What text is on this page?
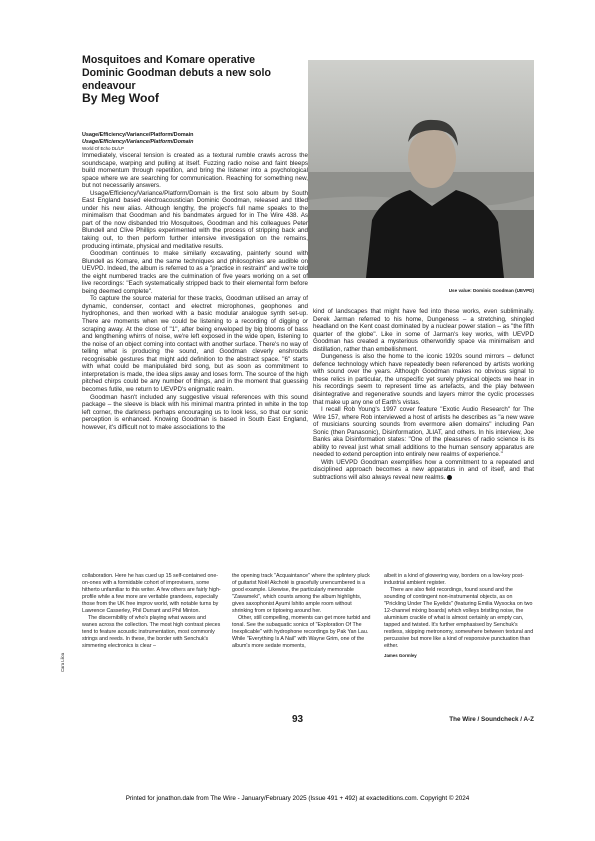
Mosquitoes and Komare operative Dominic Goodman debuts a new solo endeavour
By Meg Woof
Use value: Dominic Goodman (UEVPD)
Usage/Efficiency/Variance/Platform/Domain
Usage/Efficiency/Variance/Platform/Domain
World Of Echo DL/LP

Immediately, visceral tension is created as a textural rumble crawls across the soundscape, warping and pulling at itself. Fuzzing radio noise and faint bleeps build momentum through repetition, and bring the listener into a psychological space where we are searching for communication. Reaching for something new, but not necessarily answers.

Usage/Efficiency/Variance/Platform/Domain is the first solo album by South East England based electroacoustician Dominic Goodman, released and titled under his new alias. Although lengthy, the project's full name speaks to the minimalism that Goodman and his bandmates argued for in The Wire 438. As part of the now disbanded trio Mosquitoes, Goodman and his colleagues Peter Blundell and Clive Phillips experimented with the process of stripping back and taking out, to then perform further intensive investigation on the remains, producing intimate, physical and meditative results.

Goodman continues to make similarly excavating, painterly sound with Blundell as Komare, and the same techniques and philosophies are audible on UEVPD. Indeed, the album is referred to as a "practice in restraint" and we're told the eight numbered tracks are the culmination of five years working on a set of live recordings: "Each systematically stripped back to their elemental form before being deemed complete".

To capture the source material for these tracks, Goodman utilised an array of dynamic, condenser, contact and electret microphones, geophones and hydrophones, and then worked with a basic modular analogue synth set-up. There are moments when we could be listening to a recording of digging or scraping away. At the close of "1", after being enveloped by big blooms of bass and lengthening whirrs of noise, we're left exposed in the wide open, listening to the noise of an object coming into contact with another surface. There's no way of telling what is producing the sound, and Goodman cleverly enshrouds recognisable gestures that might add definition to the abstract space. "6" starts with what could be manipulated bird song, but as soon as commitment to interpretation is made, the idea slips away and loses form. The source of the high pitched chirps could be any number of things, and in the moment that guessing becomes futile, we return to UEVPD's enigmatic realm.

Goodman hasn't included any suggestive visual references with this sound package – the sleeve is black with his minimal mantra printed in white in the top left corner, the darkness perhaps encouraging us to look less, so that our sonic perception is enhanced. Knowing Goodman is based in South East England, however, it's difficult not to make associations to the

kind of landscapes that might have fed into these works, even subliminally. Derek Jarman referred to his home, Dungeness – a stretching, shingled headland on the Kent coast dominated by a nuclear power station – as "the fifth quarter of the globe". Like in some of Jarman's key works, with UEVPD Goodman has created a mysterious otherworldly space via minimalism and distillation, rather than embellishment.

Dungeness is also the home to the iconic 1920s sound mirrors – defunct defence technology which have repeatedly been referenced by artists working with sound over the years. Although Goodman makes no obvious signal to these relics in particular, the unspecific yet surely physical objects we hear in his recordings seem to represent time as artefacts, and the play between disintegrative and regenerative sounds and layers mirror the cyclic processes that make up any one of Earth's vistas.

I recall Rob Young's 1997 cover feature "Exotic Audio Research" for The Wire 157, where Rob interviewed a host of artists he describes as "a new wave of musicians sourcing sounds from evermore alien domains" including Pan Sonic (then Panasonic), Disinformation, JLIAT, and others. In his interview, Joe Banks aka Disinformation states: "One of the pleasures of radio science is its ability to reveal just what small additions to the human sensory apparatus are needed to extend perception into entirely new realms of experience."

With UEVPD Goodman exemplifies how a commitment to a repeated and disciplined approach becomes a new apparatus in and of itself, and that subtractions will also always reveal new realms.

collaboration. Here he has cued up 15 self-contained one-on-ones with a formidable cohort of improvisers, some hitherto unfamiliar to this writer. A few others are fairly high-profile while a few more are veritable grandees, especially those from the UK free improv world, with notable turns by Lawrence Casserley, Phil Durrant and Phil Minton.

The discernibility of who's playing what waxes and wanes across the collection. The most high contrast pieces tend to feature acoustic instrumentation, most commonly strings and reeds. In these, the border with Senchuk's simmering electronics is clear –

the opening track "Acquaintance" where the splintery pluck of guitarist Noël Akchoté is gracefully unencumbered is a good example. Likewise, the particularly memorable "Zawameki", which counts among the album highlights, gives saxophonist Ayumi Ishito ample room without shrinking from or tiptoeing around her.

Other, still compelling, moments can get more turbid and tonal. See the subaquatic sonics of "Exploration Of The Inexplicable" with hydrophone recordings by Pak Yan Lau. While "Everything Is A Nail" with Wayne Grim, one of the album's more sedate moments,

albeit in a kind of glowering way, borders on a low-key post-industrial ambient register.

There are also field recordings, found sound and the sounding of contingent non-instrumental objects, as on "Prickling Under The Eyelids" (featuring Emilia Wysocka on two 12-channel mixing boards) which volleys bristling noise, the aluminium crackle of what is almost certainly an empty can, tapped and twisted. It's further emphasised by Senchuk's restless, skipping metronomy, somewhere between textural and percussive but more like a kind of responsive punctuation than either.

James Gormley
Cara Liloa
93	The Wire / Soundcheck / A-Z
Printed for jonathon.dale from The Wire - January/February 2025 (Issue 491 + 492) at exacteditions.com. Copyright © 2024
